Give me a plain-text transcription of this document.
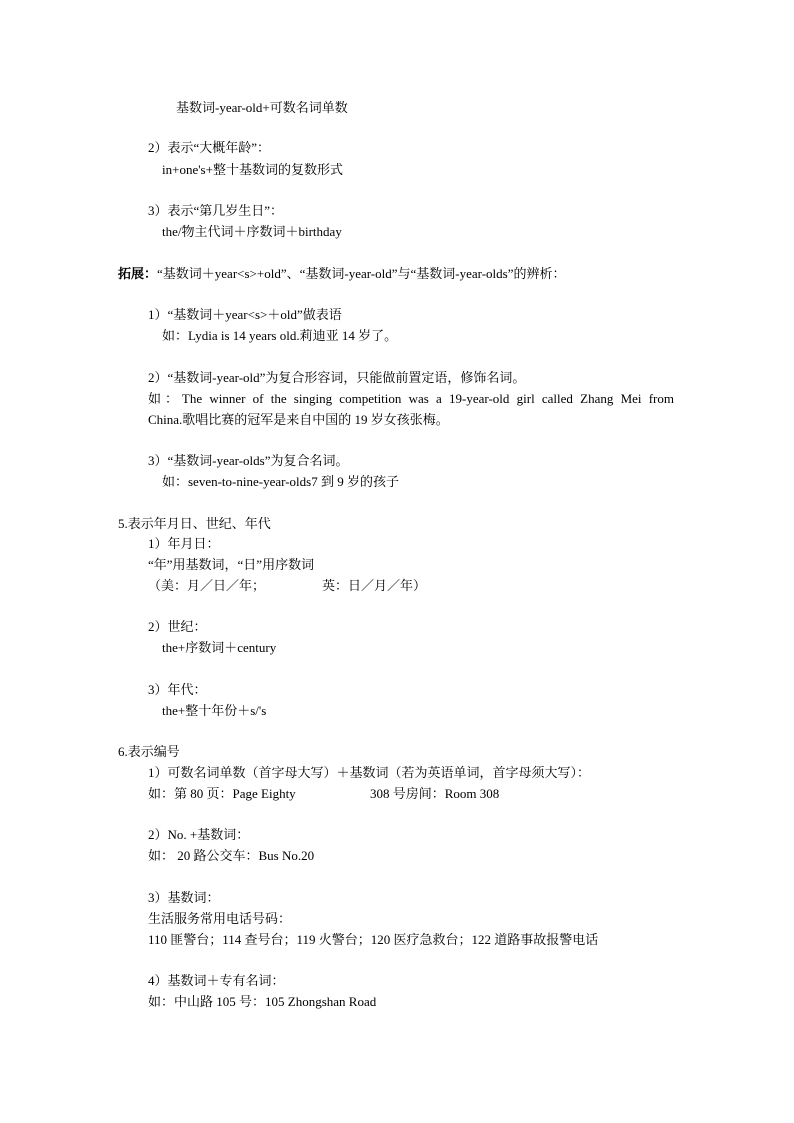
基数词-year-old+可数名词单数
2）表示“大概年龄”：
in+one's+整十基数词的复数形式
3）表示“第几岁生日”：
the/物主代词＋序数词＋birthday
拓展：“基数词＋year<s>+old”、“基数词-year-old”与“基数词-year-olds”的辨析：
1）“基数词＋year<s>＋old”做表语
如：Lydia is 14 years old.莉迪亚 14 岁了。
2）“基数词-year-old”为复合形容词，只能做前置定语，修饰名词。
如：The winner of the singing competition was a 19-year-old girl called Zhang Mei from
China.歌唱比赛的冠军是来自中国的 19 岁女孩张梅。
3）“基数词-year-olds”为复合名词。
如：seven-to-nine-year-olds7 到 9 岁的孩子
5.表示年月日、世纪、年代
1）年月日：
“年”用基数词，“日”用序数词
（美：月／日／年；	英：日／月／年）
2）世纪：
the+序数词＋century
3）年代：
the+整十年份＋s/'s
6.表示编号
1）可数名词单数（首字母大写）＋基数词（若为英语单词，首字母须大写）：
如：第 80 页：Page Eighty	308 号房间：Room 308
2）No. +基数词：
如： 20 路公交车：Bus No.20
3）基数词：
生活服务常用电话号码：
110 匪警台；114 查号台；119 火警台；120 医疗急救台；122 道路事故报警电话
4）基数词＋专有名词：
如：中山路 105 号：105 Zhongshan Road
